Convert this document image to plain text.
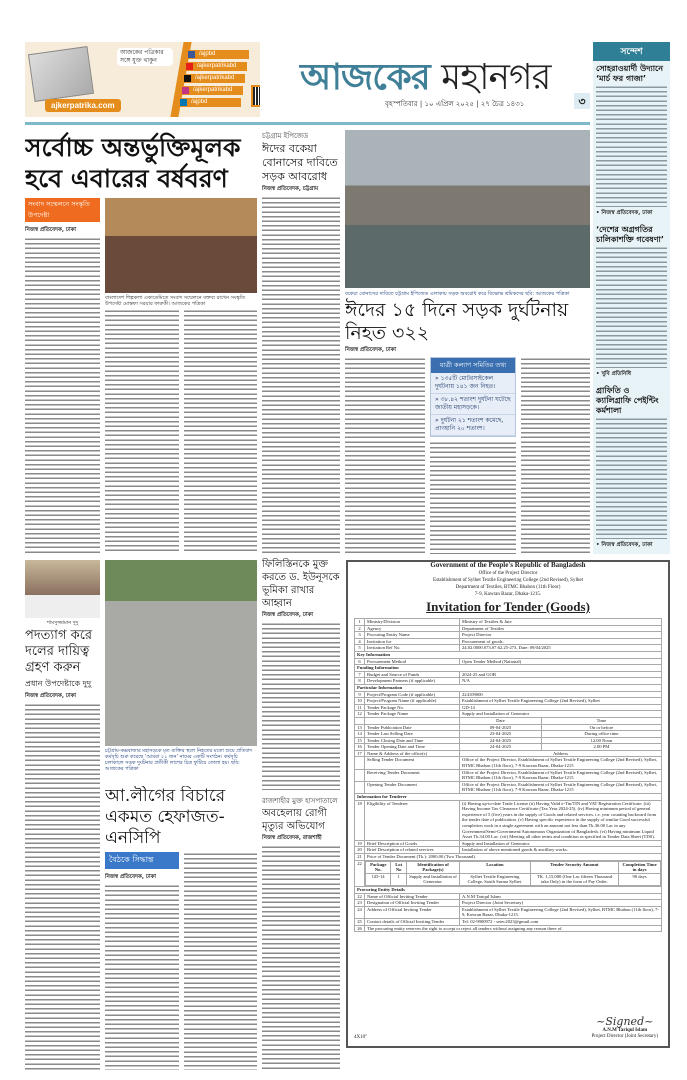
আজকের পত্রিকার সঙ্গে যুক্ত থাকুন
ajkerpatrika.com
/ajpbd
/ajkerpatrikabd
/ajkerpatrikabd
/ajkerpatrikabd
/ajpbd
আজকের মহানগর
বৃহস্পতিবার | ১০ এপ্রিল ২০২৫ | ২৭ চৈত্র ১৪৩১	৩
সন্দেশ
সোহরাওয়ার্দী উদ্যানে ‘মার্চ ফর গাজা’
• নিজস্ব প্রতিবেদক, ঢাকা
‘দেশের অগ্রগতির চালিকাশক্তি গবেষণা’
• খুবি প্রতিনিধি
গ্রাফিতি ও ক্যালিগ্রাফি পেইন্টিং কর্মশালা
• নিজস্ব প্রতিবেদক, ঢাকা
সর্বোচ্চ অন্তর্ভুক্তিমূলক হবে এবারের বর্ষবরণ
সংবাদ সম্মেলনে সংস্কৃতি উপদেষ্টা
নিজস্ব প্রতিবেদক, ঢাকা
বাংলাদেশ শিল্পকলা একাডেমিতে সংবাদ সম্মেলনে বক্তব্য রাখেন সংস্কৃতি উপদেষ্টা মোস্তফা সরয়ার ফারুকী। আজকের পত্রিকা
চট্টগ্রাম ইপিজেড
ঈদের বকেয়া বোনাসের দাবিতে সড়ক আবরোধ
নিজস্ব প্রতিবেদক, চট্টগ্রাম
বকেয়া বোনাসের দাবিতে চট্টগ্রাম ইপিজেড এলাকায় সড়ক অবরোধ করে বিক্ষোভ শ্রমিকদের ছবি: আজকের পত্রিকা
ঈদের ১৫ দিনে সড়ক দুর্ঘটনায় নিহত ৩২২
নিজস্ব প্রতিবেদক, ঢাকা
যাত্রী কল্যাণ সমিতির তথ্য

» ১৩৫টি মোটরসাইকেল দুর্ঘটনায় ১৪১ জন নিহত।

» ৩৮.৪২ শতাংশ দুর্ঘটনা ঘটেছে জাতীয় মহাসড়কে।

» দুর্ঘটনা ২১ শতাংশ কমেছে, প্রাণহানি ২০ শতাংশ।

শামসুজ্জামান দুদু
পদত্যাগ করে দলের দায়িত্ব গ্রহণ করুন
প্রধান উপদেষ্টাকে দুদু
নিজস্ব প্রতিবেদক, ঢাকা
চট্টগ্রাম-কক্সবাজার মহাসড়কে মৃত ব্যক্তির স্থলে নিহতের মতো শুয়ে প্রতিবাদ কর্মসূচি শুরু করেছে ‘আমরা ২১ জন’ নামের একটি সংগঠন। কর্মসূচি চলাকালে সড়ক দুর্ঘটনার প্রতীকী লাশের চিত্র ফুটিয়ে তোলা হয়। ছবি: আজকের পত্রিকা
ফিলিস্তিনকে মুক্ত করতে ড. ইউনূসকে ভূমিকা রাখার আহ্বান
নিজস্ব প্রতিবেদক, ঢাকা
আ.লীগের বিচারে একমত হেফাজত-এনসিপি
বৈঠকে সিদ্ধান্ত
নিজস্ব প্রতিবেদক, ঢাকা
রাজশাহীর মুক্ত হাসপাতালে
অবহেলায় রোগী মৃত্যুর অভিযোগ
নিজস্ব প্রতিবেদক, রাজশাহী
Government of the People's Republic of Bangladesh
Office of the Project Director
Establishment of Sylhet Textile Engineering College (2nd Revised), Sylhet
Department of Textiles, BTMC Bhabon (11th Floor)
7-9, Kawran Bazar, Dhaka-1215.
Invitation for Tender (Goods)
1	Ministry/Division	Ministry of Textiles & Jute
2	Agency	Department of Textiles
3	Procuring Entity Name	Project Director
4	Invitation for	Procurement of goods.
5	Invitation Ref No.	24.02.0000.073.07.62.25-273, Date: 09/04/2025
Key Information
6	Procurement Method	Open Tender Method (National)
Funding Information
7	Budget and Source of Funds	2024-25 and GOB
8	Development Partners (if applicable)	N/A
Particular Information
9	Project/Program Code (if applicable)	224109000
10	Project/Program Name (if applicable)	Establishment of Sylhet Textile Engineering College (2nd Revised), Sylhet
11	Tender Package No.	GD-14
12	Tender Package Name	Supply and Installation of Generator
		Date	Time
13	Tender Publication Date	09-04-2025	On or before
14	Tender Last Selling Date	23-04-2025	During office time
15	Tender Closing Date and Time	24-04-2025	12.00 Noon
16	Tender Opening Date and Time	24-04-2025	2.00 PM
17	Name & Address of the office(s)	Address
	Selling Tender Document	Office of the Project Director, Establishment of Sylhet Textile Engineering College (2nd Revised), Sylhet, BTMC Bhabon (11th floor), 7-9 Kawran Bazar, Dhaka-1215
	Receiving Tender Document	Office of the Project Director, Establishment of Sylhet Textile Engineering College (2nd Revised), Sylhet, BTMC Bhabon (11th floor), 7-9 Kawran Bazar, Dhaka-1215
	Opening Tender Document	Office of the Project Director, Establishment of Sylhet Textile Engineering College (2nd Revised), Sylhet, BTMC Bhabon (11th floor), 7-9 Kawran Bazar, Dhaka-1215
Information for Tenderer
18	Eligibility of Tenderer	(i) Having up-to-date Trade License (ii) Having Valid e-Tin/TIN and VAT Registration Certificate. (iii) Having Income Tax Clearance Certificate (Tax Year 2024-25). (iv) Having minimum period of general experience of 5 (five) years in the supply of Goods and related services. i.e. year counting backward from the tender date of publication. (v) Having specific experience in the supply of similar Good successful completion work in a single agreement with an amount not less than Tk.36.00 Lac in any Government/Semi-Government/Autonomous Organization of Bangladesh. (vi) Having minimum Liquid Asset Tk.34.00 Lac. (vii) Meeting all other terms and condition as specified in Tender Data Sheet (TDS).
19	Brief Description of Goods	Supply and Installation of Generator.
20	Brief Description of related services	Installation of above mentioned goods & ancillary works.
21	Price of Tender Document (Tk.): 2000.00 (Two Thousand).
22	Package No.	Lot No	Identification of Package(s)	Location	Tender Security Amount	Completion Time in days
GD-14	1	Supply and Installation of Generator.	Sylhet Textile Engineering College, South Surma Sylhet.	TK. 1,15,000 (One Lac fifteen Thousand taka Only) in the form of Pay Order.	90 days

Procuring Entity Details
22	Name of Official Inviting Tender	A.N.M Tariqul Islam
23	Designation of Official Inviting Tender	Project Director (Joint Secretary)
24	Address of Official Inviting Tender	Establishment of Sylhet Textile Engineering College (2nd Revised), Sylhet, BTMC Bhabon (11th floor), 7-9, Kawran Bazar, Dhaka-1215.
25	Contact details of Official Inviting Tender	Tel: 02-9900972 - setec2023@gmail.com
26	The procuring entity reserves the right to accept or reject all tenders without assigning any reason there of.
4X10"
~Signed~
A.N.M Tariqul Islam
Project Director (Joint Secretary)
